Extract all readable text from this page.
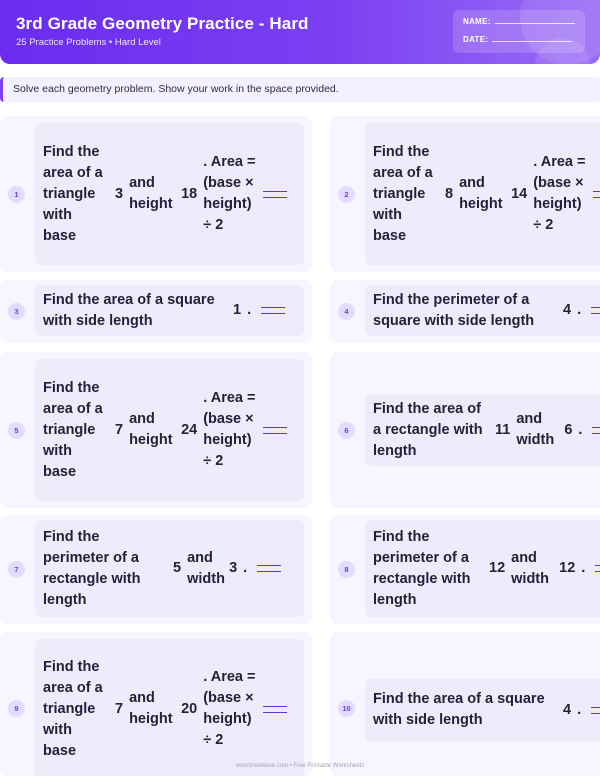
3rd Grade Geometry Practice - Hard
25 Practice Problems • Hard Level
NAME:
DATE:
Solve each geometry problem. Show your work in the space provided.
1
Find the area of a triangle with base
3
and height
18
. Area = (base × height) ÷ 2
2
Find the area of a triangle with base
8
and height
14
. Area = (base × height) ÷ 2
3
Find the area of a square with side length
1 .	4
Find the perimeter of a square with side length
4 .
5
Find the area of a triangle with base
7
and height
24
. Area = (base × height) ÷ 2
6
Find the area of a rectangle with length
11
and width
6 .
7
Find the perimeter of a rectangle with length
5
and width
3 .	8
Find the perimeter of a rectangle with length
12
and width
12 .
9
Find the area of a triangle with base
7
and height
20
. Area = (base × height) ÷ 2
10
Find the area of a square with side length
4 .
worksheetwise.com • Free Printable Worksheets
